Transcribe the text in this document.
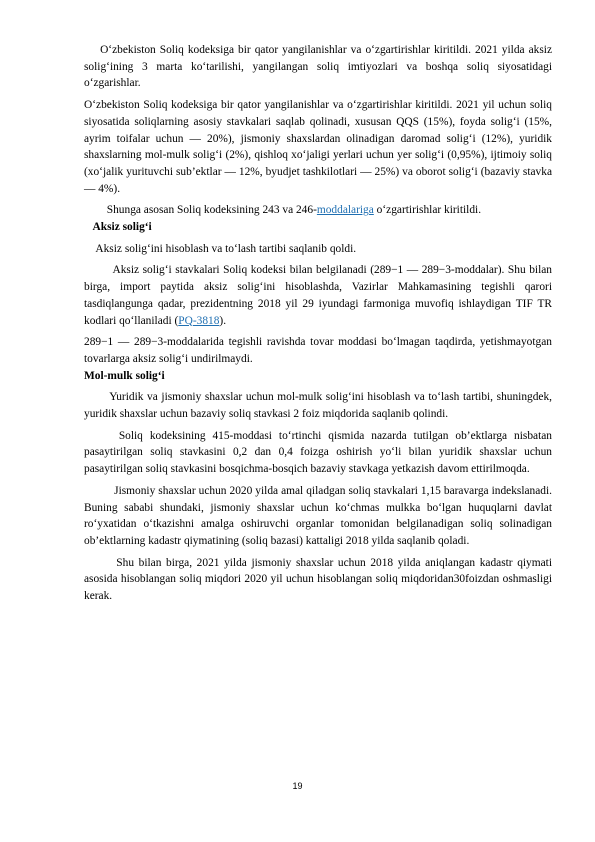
O‘zbekiston Soliq kodeksiga bir qator yangilanishlar va o‘zgartirishlar kiritildi. 2021 yilda aksiz solig‘ining 3 marta ko‘tarilishi, yangilangan soliq imtiyozlari va boshqa soliq siyosatidagi o‘zgarishlar.

O‘zbekiston Soliq kodeksiga bir qator yangilanishlar va o‘zgartirishlar kiritildi. 2021 yil uchun soliq siyosatida soliqlarning asosiy stavkalari saqlab qolinadi, xususan QQS (15%), foyda solig‘i (15%, ayrim toifalar uchun — 20%), jismoniy shaxslardan olinadigan daromad solig‘i (12%), yuridik shaxslarning mol-mulk solig‘i (2%), qishloq xo‘jaligi yerlari uchun yer solig‘i (0,95%), ijtimoiy soliq (xo‘jalik yurituvchi sub’ektlar — 12%, byudjet tashkilotlari — 25%) va oborot solig‘i (bazaviy stavka — 4%).

Shunga asosan Soliq kodeksining 243 va 246-moddalariga o‘zgartirishlar kiritildi.

Aksiz solig‘i

Aksiz solig‘ini hisoblash va to‘lash tartibi saqlanib qoldi.

Aksiz solig‘i stavkalari Soliq kodeksi bilan belgilanadi (289−1 — 289−3-moddalar). Shu bilan birga, import paytida aksiz solig‘ini hisoblashda, Vazirlar Mahkamasining tegishli qarori tasdiqlangunga qadar, prezidentning 2018 yil 29 iyundagi farmoniga muvofiq ishlaydigan TIF TR kodlari qo‘llaniladi (PQ-3818).

289−1 — 289−3-moddalarida tegishli ravishda tovar moddasi bo‘lmagan taqdirda, yetishmayotgan tovarlarga aksiz solig‘i undirilmaydi.

Mol-mulk solig‘i

Yuridik va jismoniy shaxslar uchun mol-mulk solig‘ini hisoblash va to‘lash tartibi, shuningdek, yuridik shaxslar uchun bazaviy soliq stavkasi 2 foiz miqdorida saqlanib qolindi.

Soliq kodeksining 415-moddasi to‘rtinchi qismida nazarda tutilgan ob’ektlarga nisbatan pasaytirilgan soliq stavkasini 0,2 dan 0,4 foizga oshirish yo‘li bilan yuridik shaxslar uchun pasaytirilgan soliq stavkasini bosqichma-bosqich bazaviy stavkaga yetkazish davom ettirilmoqda.

Jismoniy shaxslar uchun 2020 yilda amal qiladgan soliq stavkalari 1,15 baravarga indekslanadi. Buning sababi shundaki, jismoniy shaxslar uchun ko‘chmas mulkka bo‘lgan huquqlarni davlat ro‘yxatidan o‘tkazishni amalga oshiruvchi organlar tomonidan belgilanadigan soliq solinadigan ob’ektlarning kadastr qiymatining (soliq bazasi) kattaligi 2018 yilda saqlanib qoladi.

Shu bilan birga, 2021 yilda jismoniy shaxslar uchun 2018 yilda aniqlangan kadastr qiymati asosida hisoblangan soliq miqdori 2020 yil uchun hisoblangan soliq miqdoridan30foizdan oshmasligi kerak.

19
